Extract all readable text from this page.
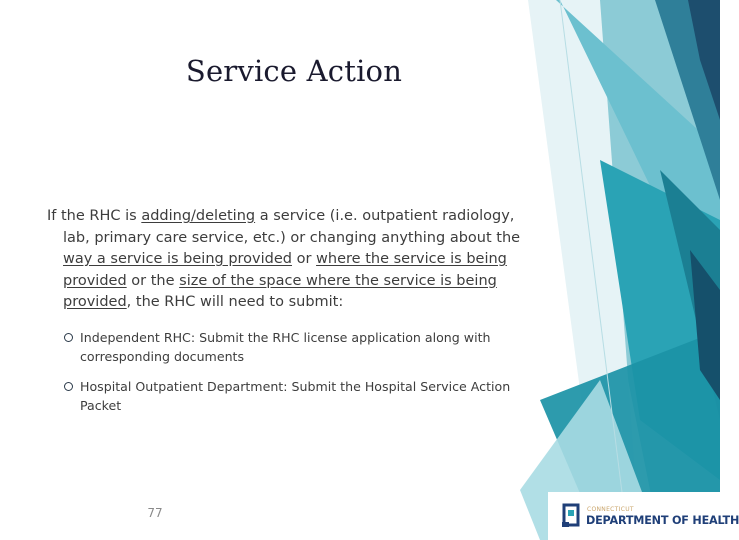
Service Action

If the RHC is adding/deleting a service (i.e. outpatient radiology, lab, primary care service, etc.) or changing anything about the way a service is being provided or where the service is being provided or the size of the space where the service is being provided, the RHC will need to submit:

Independent RHC: Submit the RHC license application along with corresponding documents
Hospital Outpatient Department: Submit the Hospital Service Action Packet
77	CONNECTICUT
DEPARTMENT OF HEALTH
